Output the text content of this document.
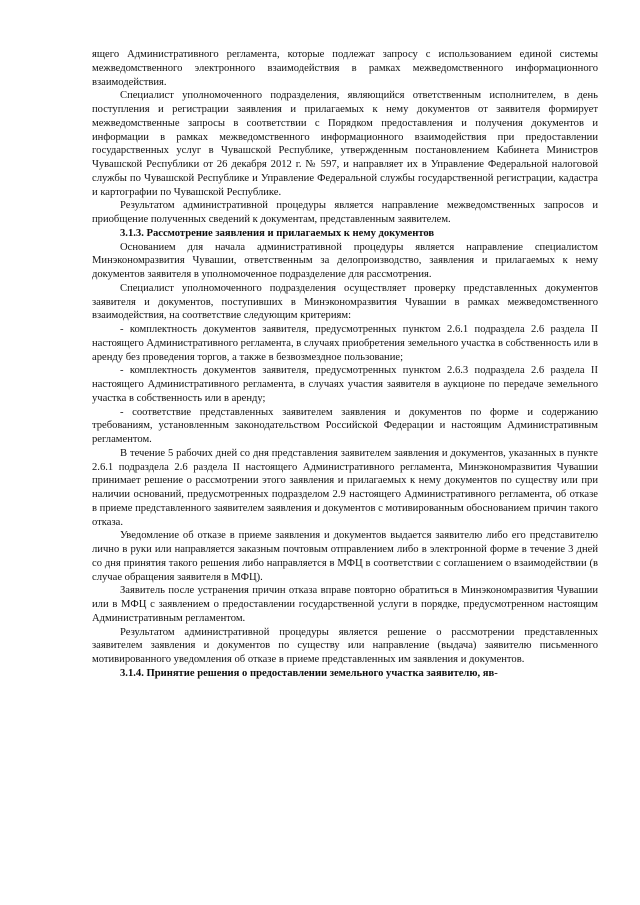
ящего Административного регламента, которые подлежат запросу с использованием единой системы межведомственного электронного взаимодействия в рамках межведомственного информационного взаимодействия.

Специалист уполномоченного подразделения, являющийся ответственным исполнителем, в день поступления и регистрации заявления и прилагаемых к нему документов от заявителя формирует межведомственные запросы в соответствии с Порядком предоставления и получения документов и информации в рамках межведомственного информационного взаимодействия при предоставлении государственных услуг в Чувашской Республике, утвержденным постановлением Кабинета Министров Чувашской Республики от 26 декабря 2012 г. № 597, и направляет их в Управление Федеральной налоговой службы по Чувашской Республике и Управление Федеральной службы государственной регистрации, кадастра и картографии по Чувашской Республике.

Результатом административной процедуры является направление межведомственных запросов и приобщение полученных сведений к документам, представленным заявителем.

3.1.3. Рассмотрение заявления и прилагаемых к нему документов

Основанием для начала административной процедуры является направление специалистом Минэкономразвития Чувашии, ответственным за делопроизводство, заявления и прилагаемых к нему документов заявителя в уполномоченное подразделение для рассмотрения.

Специалист уполномоченного подразделения осуществляет проверку представленных документов заявителя и документов, поступивших в Минэкономразвития Чувашии в рамках межведомственного взаимодействия, на соответствие следующим критериям:

- комплектность документов заявителя, предусмотренных пунктом 2.6.1 подраздела 2.6 раздела II настоящего Административного регламента, в случаях приобретения земельного участка в собственность или в аренду без проведения торгов, а также в безвозмездное пользование;

- комплектность документов заявителя, предусмотренных пунктом 2.6.3 подраздела 2.6 раздела II настоящего Административного регламента, в случаях участия заявителя в аукционе по передаче земельного участка в собственность или в аренду;

- соответствие представленных заявителем заявления и документов по форме и содержанию требованиям, установленным законодательством Российской Федерации и настоящим Административным регламентом.

В течение 5 рабочих дней со дня представления заявителем заявления и документов, указанных в пункте 2.6.1 подраздела 2.6 раздела II настоящего Административного регламента, Минэкономразвития Чувашии принимает решение о рассмотрении этого заявления и прилагаемых к нему документов по существу или при наличии оснований, предусмотренных подразделом 2.9 настоящего Административного регламента, об отказе в приеме представленного заявителем заявления и документов с мотивированным обоснованием причин такого отказа.

Уведомление об отказе в приеме заявления и документов выдается заявителю либо его представителю лично в руки или направляется заказным почтовым отправлением либо в электронной форме в течение 3 дней со дня принятия такого решения либо направляется в МФЦ в соответствии с соглашением о взаимодействии (в случае обращения заявителя в МФЦ).

Заявитель после устранения причин отказа вправе повторно обратиться в Минэкономразвития Чувашии или в МФЦ с заявлением о предоставлении государственной услуги в порядке, предусмотренном настоящим Административным регламентом.

Результатом административной процедуры является решение о рассмотрении представленных заявителем заявления и документов по существу или направление (выдача) заявителю письменного мотивированного уведомления об отказе в приеме представленных им заявления и документов.

3.1.4. Принятие решения о предоставлении земельного участка заявителю, яв-
